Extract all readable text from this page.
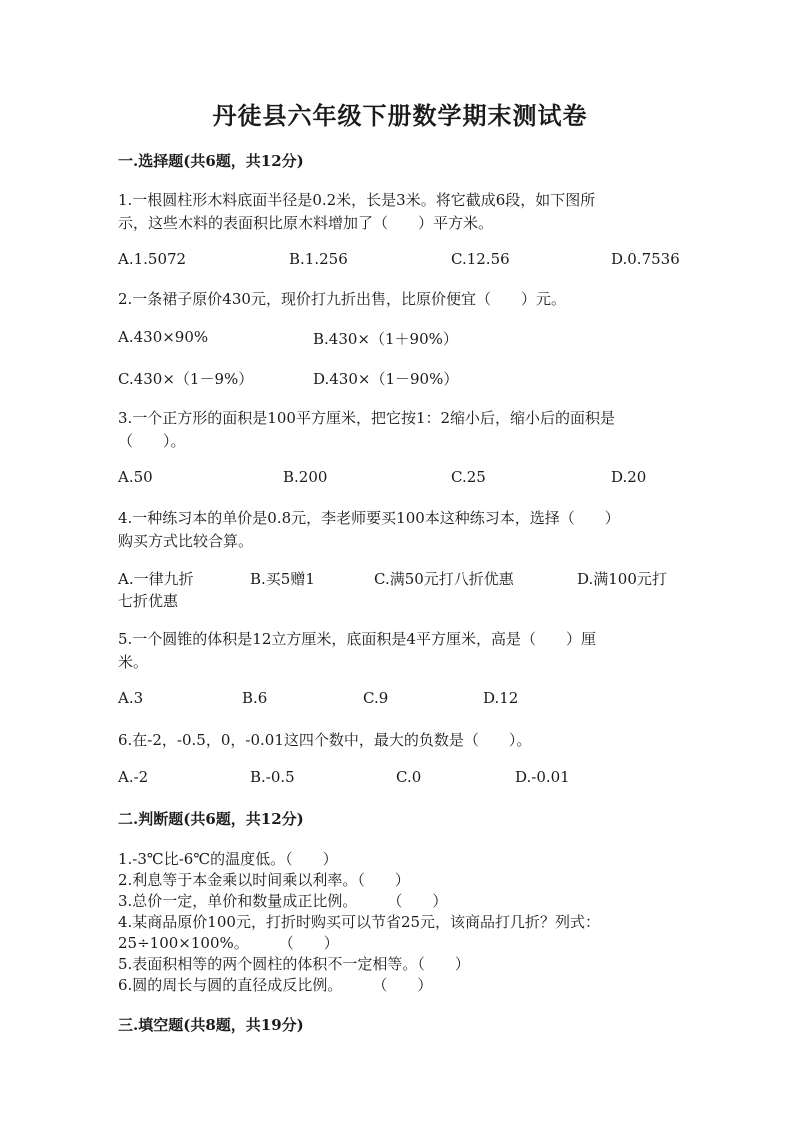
丹徒县六年级下册数学期末测试卷
一.选择题(共6题，共12分)
1.一根圆柱形木料底面半径是0.2米，长是3米。将它截成6段，如下图所
示，这些木料的表面积比原木料增加了（　　）平方米。
A.1.5072	B.1.256	C.12.56	D.0.7536
2.一条裙子原价430元，现价打九折出售，比原价便宜（　　）元。
A.430×90%	B.430×（1＋90%）
C.430×（1－9%）	D.430×（1－90%）
3.一个正方形的面积是100平方厘米，把它按1：2缩小后，缩小后的面积是
（　　）。
A.50	B.200	C.25	D.20
4.一种练习本的单价是0.8元，李老师要买100本这种练习本，选择（　　）
购买方式比较合算。
A.一律九折	B.买5赠1	C.满50元打八折优惠	D.满100元打
七折优惠
5.一个圆锥的体积是12立方厘米，底面积是4平方厘米，高是（　　）厘
米。
A.3	B.6	C.9	D.12
6.在-2，-0.5，0，-0.01这四个数中，最大的负数是（　　）。
A.-2	B.-0.5	C.0	D.-0.01
二.判断题(共6题，共12分)
1.-3℃比-6℃的温度低。（　　）
2.利息等于本金乘以时间乘以利率。（　　）
3.总价一定，单价和数量成正比例。　　　（　　）
4.某商品原价100元，打折时购买可以节省25元，该商品打几折？列式：
25÷100×100%。　　　（　　）
5.表面积相等的两个圆柱的体积不一定相等。（　　）
6.圆的周长与圆的直径成反比例。　　　（　　）
三.填空题(共8题，共19分)
